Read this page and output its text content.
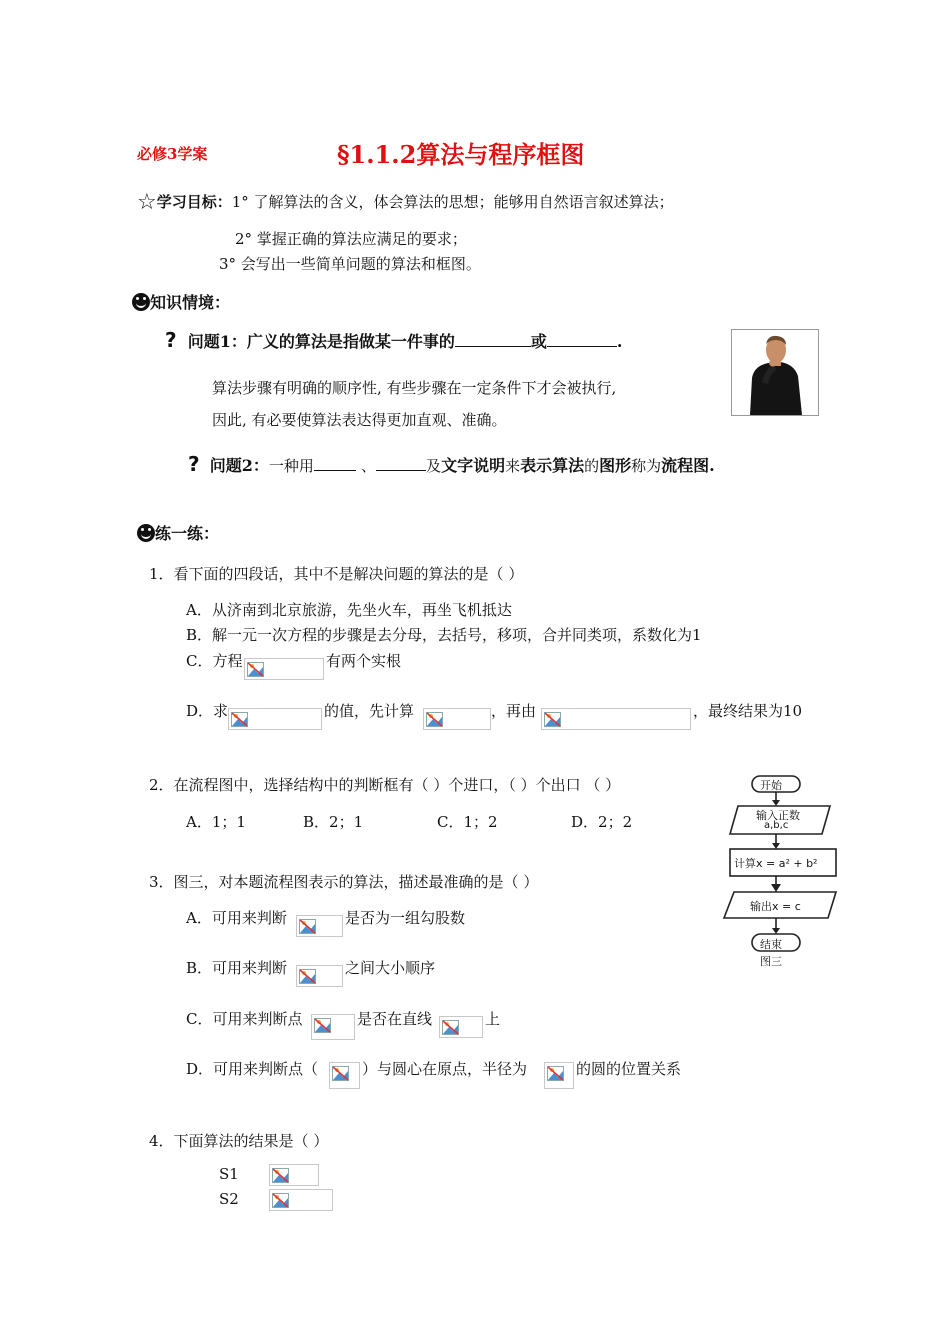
必修3学案	§1.1.2算法与程序框图
☆学习目标：1° 了解算法的含义，体会算法的思想；能够用自然语言叙述算法；
2° 掌握正确的算法应满足的要求；
3° 会写出一些简单问题的算法和框图。
知识情境：
? 问题1：广义的算法是指做某一件事的	或	.
算法步骤有明确的顺序性, 有些步骤在一定条件下才会被执行,
因此, 有必要使算法表达得更加直观、准确。
? 问题2：一种用	、	及文字说明来表示算法的图形称为流程图.
练一练：
1．看下面的四段话，其中不是解决问题的算法的是（ ）
A．从济南到北京旅游，先坐火车，再坐飞机抵达
B．解一元一次方程的步骤是去分母，去括号，移项，合并同类项，系数化为1
C．方程	有两个实根
D．求	的值，先计算	，再由	，最终结果为10
2．在流程图中，选择结构中的判断框有（ ）个进口，（ ）个出口 （ ）
A．1；1	B．2；1	C．1；2	D．2；2
开始
输入正数
a,b,c
计算x = a² + b²
输出x = c
结束
图三
3．图三，对本题流程图表示的算法，描述最准确的是（ ）
A．可用来判断	是否为一组勾股数
B．可用来判断	之间大小顺序
C．可用来判断点	是否在直线	上
D．可用来判断点（	）与圆心在原点，半径为	的圆的位置关系
4．下面算法的结果是（ ）
S1
S2
